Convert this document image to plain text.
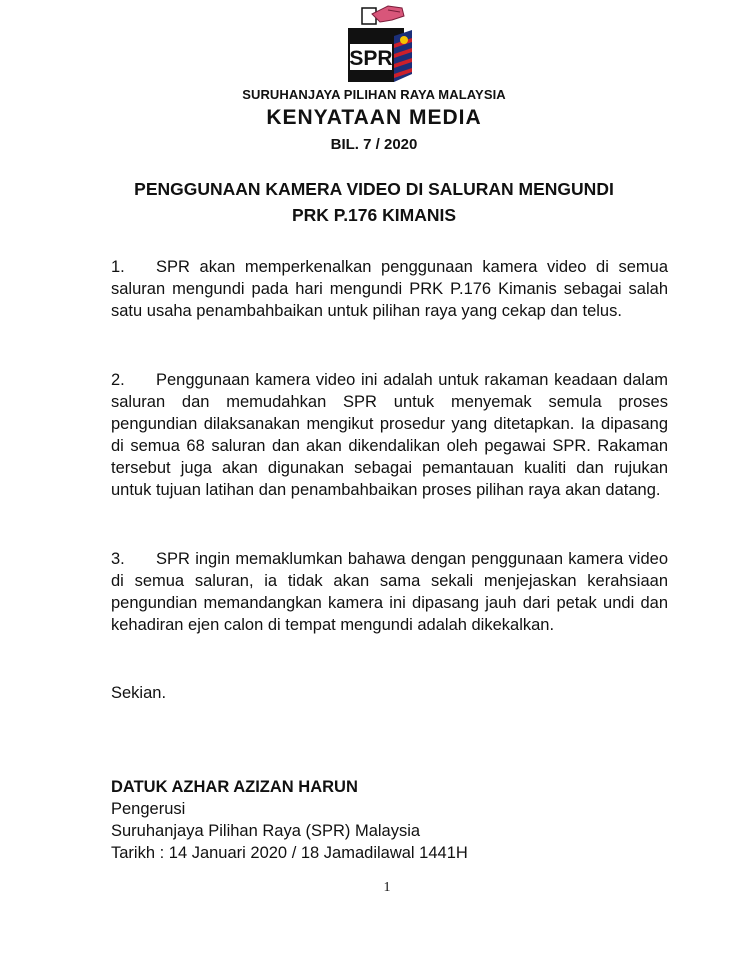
SPR
SURUHANJAYA PILIHAN RAYA MALAYSIA
KENYATAAN MEDIA
BIL. 7 / 2020
PENGGUNAAN KAMERA VIDEO DI SALURAN MENGUNDI
PRK P.176 KIMANIS

1. SPR akan memperkenalkan penggunaan kamera video di semua saluran mengundi pada hari mengundi PRK P.176 Kimanis sebagai salah satu usaha penambahbaikan untuk pilihan raya yang cekap dan telus.

2. Penggunaan kamera video ini adalah untuk rakaman keadaan dalam saluran dan memudahkan SPR untuk menyemak semula proses pengundian dilaksanakan mengikut prosedur yang ditetapkan. Ia dipasang di semua 68 saluran dan akan dikendalikan oleh pegawai SPR. Rakaman tersebut juga akan digunakan sebagai pemantauan kualiti dan rujukan untuk tujuan latihan dan penambahbaikan proses pilihan raya akan datang.

3. SPR ingin memaklumkan bahawa dengan penggunaan kamera video di semua saluran, ia tidak akan sama sekali menjejaskan kerahsiaan pengundian memandangkan kamera ini dipasang jauh dari petak undi dan kehadiran ejen calon di tempat mengundi adalah dikekalkan.

Sekian.
DATUK AZHAR AZIZAN HARUN
Pengerusi
Suruhanjaya Pilihan Raya (SPR) Malaysia
Tarikh : 14 Januari 2020 / 18 Jamadilawal 1441H
1
